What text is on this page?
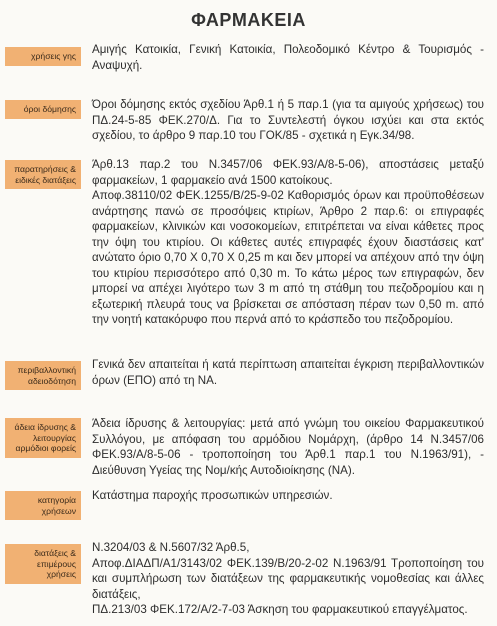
ΦΑΡΜΑΚΕΙΑ
χρήσεις γης	Αμιγής Κατοικία, Γενική Κατοικία, Πολεοδομικό Κέντρο & Τουρισμός - Αναψυχή.

όροι δόμησης	Όροι δόμησης εκτός σχεδίου Άρθ.1 ή 5 παρ.1 (για τα αμιγούς χρήσεως) του ΠΔ.24-5-85 ΦΕΚ.270/Δ. Για το Συντελεστή όγκου ισχύει και στα εκτός σχεδίου, το άρθρο 9 παρ.10 του ΓΟΚ/85 - σχετικά η Εγκ.34/98.

παρατηρήσεις & ειδικές διατάξεις

Άρθ.13 παρ.2 του Ν.3457/06 ΦΕΚ.93/Α/8-5-06), αποστάσεις μεταξύ φαρμακείων, 1 φαρμακείο ανά 1500 κατοίκους.

Αποφ.38110/02 ΦΕΚ.1255/Β/25-9-02 Καθορισμός όρων και προϋποθέσεων ανάρτησης πανώ σε προσόψεις κτιρίων, Άρθρο 2 παρ.6: οι επιγραφές φαρμακείων, κλινικών και νοσοκομείων, επιτρέπεται να είναι κάθετες προς την όψη του κτιρίου. Οι κάθετες αυτές επιγραφές έχουν διαστάσεις κατ' ανώτατο όριο 0,70 Χ 0,70 Χ 0,25 m και δεν μπορεί να απέχουν από την όψη του κτιρίου περισσότερο από 0,30 m. Το κάτω μέρος των επιγραφών, δεν μπορεί να απέχει λιγότερο των 3 m από τη στάθμη του πεζοδρομίου και η εξωτερική πλευρά τους να βρίσκεται σε απόσταση πέραν των 0,50 m. από την νοητή κατακόρυφο που περνά από το κράσπεδο του πεζοδρομίου.

περιβαλλοντική αδειοδότηση

Γενικά δεν απαιτείται ή κατά περίπτωση απαιτείται έγκριση περιβαλλοντικών όρων (ΕΠΟ) από τη ΝΑ.

άδεια ίδρυσης & λειτουργίας αρμόδιοι φορείς

Άδεια ίδρυσης & λειτουργίας: μετά από γνώμη του οικείου Φαρμακευτικού Συλλόγου, με απόφαση του αρμόδιου Νομάρχη, (άρθρο 14 Ν.3457/06 ΦΕΚ.93/Α/8-5-06 - τροποποίηση του Άρθ.1 παρ.1 του Ν.1963/91), - Διεύθυνση Υγείας της Νομ/κής Αυτοδιοίκησης (ΝΑ).

κατηγορία χρήσεων

Κατάστημα παροχής προσωπικών υπηρεσιών.

διατάξεις & επιμέρους χρήσεις

Ν.3204/03 & Ν.5607/32 Άρθ.5,

Αποφ.ΔΙΑΔΠ/Α1/3143/02 ΦΕΚ.139/Β/20-2-02 Ν.1963/91 Τροποποίηση του και συμπλήρωση των διατάξεων της φαρμακευτικής νομοθεσίας και άλλες διατάξεις,

ΠΔ.213/03 ΦΕΚ.172/Α/2-7-03 Άσκηση του φαρμακευτικού επαγγέλματος.
